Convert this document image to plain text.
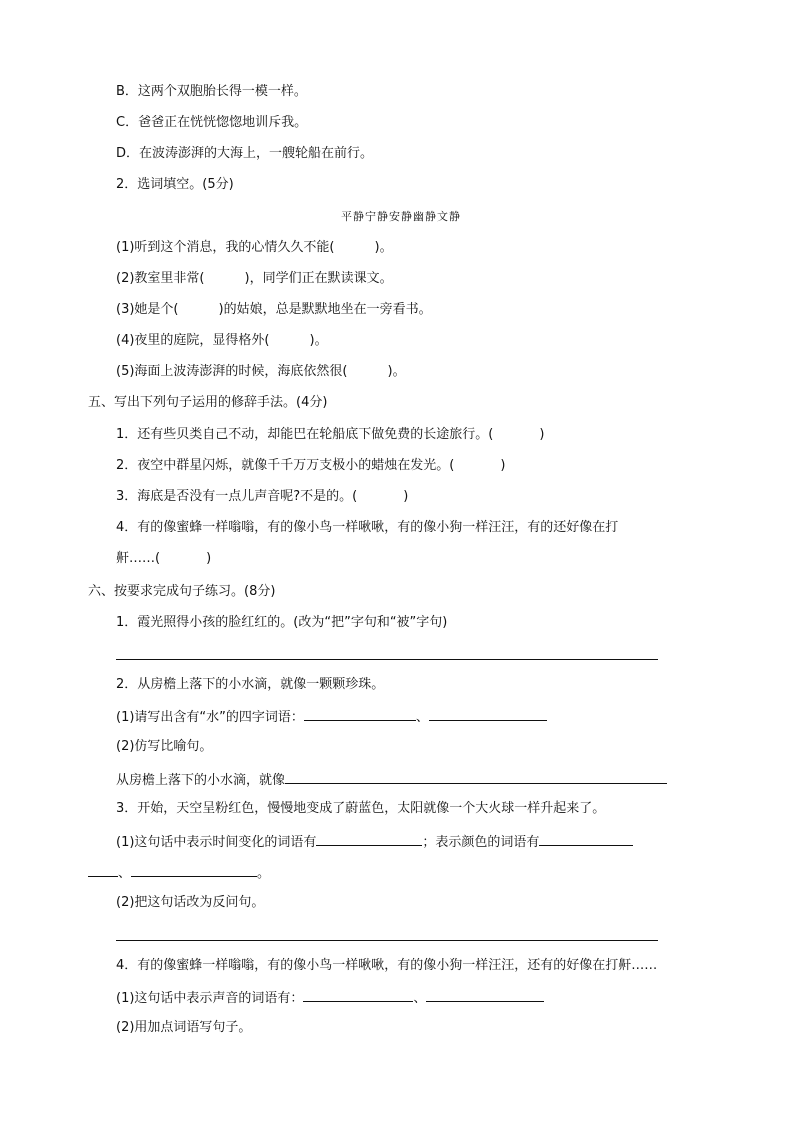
B．这两个双胞胎长得一模一样。
C．爸爸正在恍恍惚惚地训斥我。
D．在波涛澎湃的大海上，一艘轮船在前行。
2．选词填空。(5分)
平静宁静安静幽静文静
(1)听到这个消息，我的心情久久不能(	)。
(2)教室里非常(	)，同学们正在默读课文。
(3)她是个(	)的姑娘，总是默默地坐在一旁看书。
(4)夜里的庭院，显得格外(	)。
(5)海面上波涛澎湃的时候，海底依然很(	)。
五、写出下列句子运用的修辞手法。(4分)
1．还有些贝类自己不动，却能巴在轮船底下做免费的长途旅行。(	)
2．夜空中群星闪烁，就像千千万万支极小的蜡烛在发光。(	)
3．海底是否没有一点儿声音呢?不是的。(	)
4．有的像蜜蜂一样嗡嗡，有的像小鸟一样啾啾，有的像小狗一样汪汪，有的还好像在打
鼾……(	)
六、按要求完成句子练习。(8分)
1．霞光照得小孩的脸红红的。(改为“把”字句和“被”字句)
2．从房檐上落下的小水滴，就像一颗颗珍珠。
(1)请写出含有“水”的四字词语：	、
(2)仿写比喻句。
从房檐上落下的小水滴，就像
3．开始，天空呈粉红色，慢慢地变成了蔚蓝色，太阳就像一个大火球一样升起来了。
(1)这句话中表示时间变化的词语有	；表示颜色的词语有
、	。
(2)把这句话改为反问句。
4．有的像蜜蜂一样嗡嗡，有的像小鸟一样啾啾，有的像小狗一样汪汪，还有的好像在打鼾……
(1)这句话中表示声音的词语有：	、
(2)用加点词语写句子。
